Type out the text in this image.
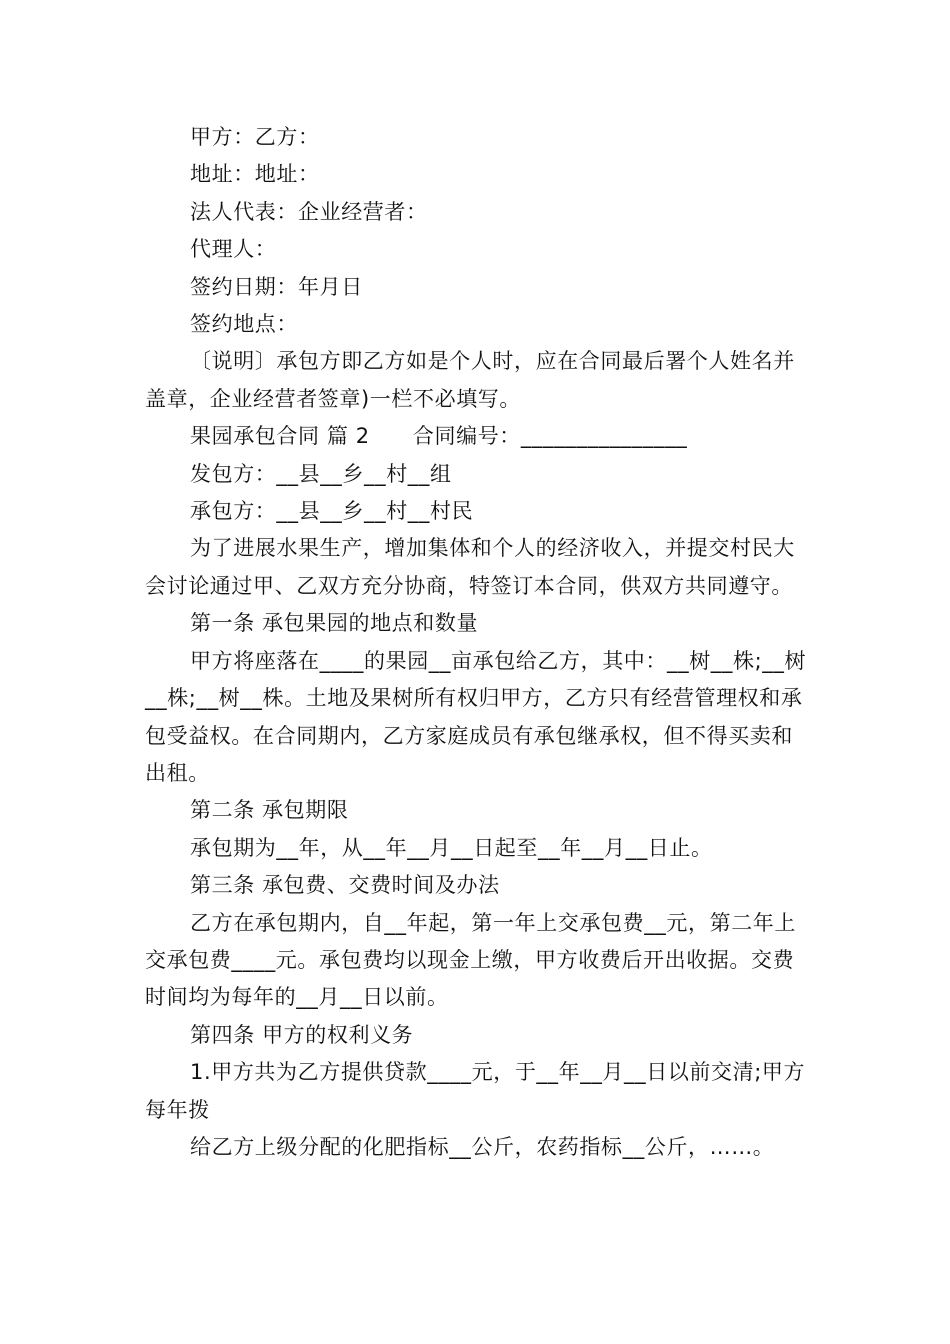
甲方：乙方：

地址：地址：

法人代表：企业经营者：

代理人：

签约日期：年月日

签约地点：

〔说明〕承包方即乙方如是个人时，应在合同最后署个人姓名并盖章，企业经营者签章)一栏不必填写。

果园承包合同 篇 2　　合同编号：_______________

发包方：__县__乡__村__组

承包方：__县__乡__村__村民

为了进展水果生产，增加集体和个人的经济收入，并提交村民大会讨论通过甲、乙双方充分协商，特签订本合同，供双方共同遵守。

第一条 承包果园的地点和数量

甲方将座落在____的果园__亩承包给乙方，其中：__树__株;__树__株;__树__株。土地及果树所有权归甲方，乙方只有经营管理权和承包受益权。在合同期内，乙方家庭成员有承包继承权，但不得买卖和出租。

第二条 承包期限

承包期为__年，从__年__月__日起至__年__月__日止。

第三条 承包费、交费时间及办法

乙方在承包期内，自__年起，第一年上交承包费__元，第二年上交承包费____元。承包费均以现金上缴，甲方收费后开出收据。交费时间均为每年的__月__日以前。

第四条 甲方的权利义务

1.甲方共为乙方提供贷款____元，于__年__月__日以前交清;甲方每年拨

给乙方上级分配的化肥指标__公斤，农药指标__公斤，……。
